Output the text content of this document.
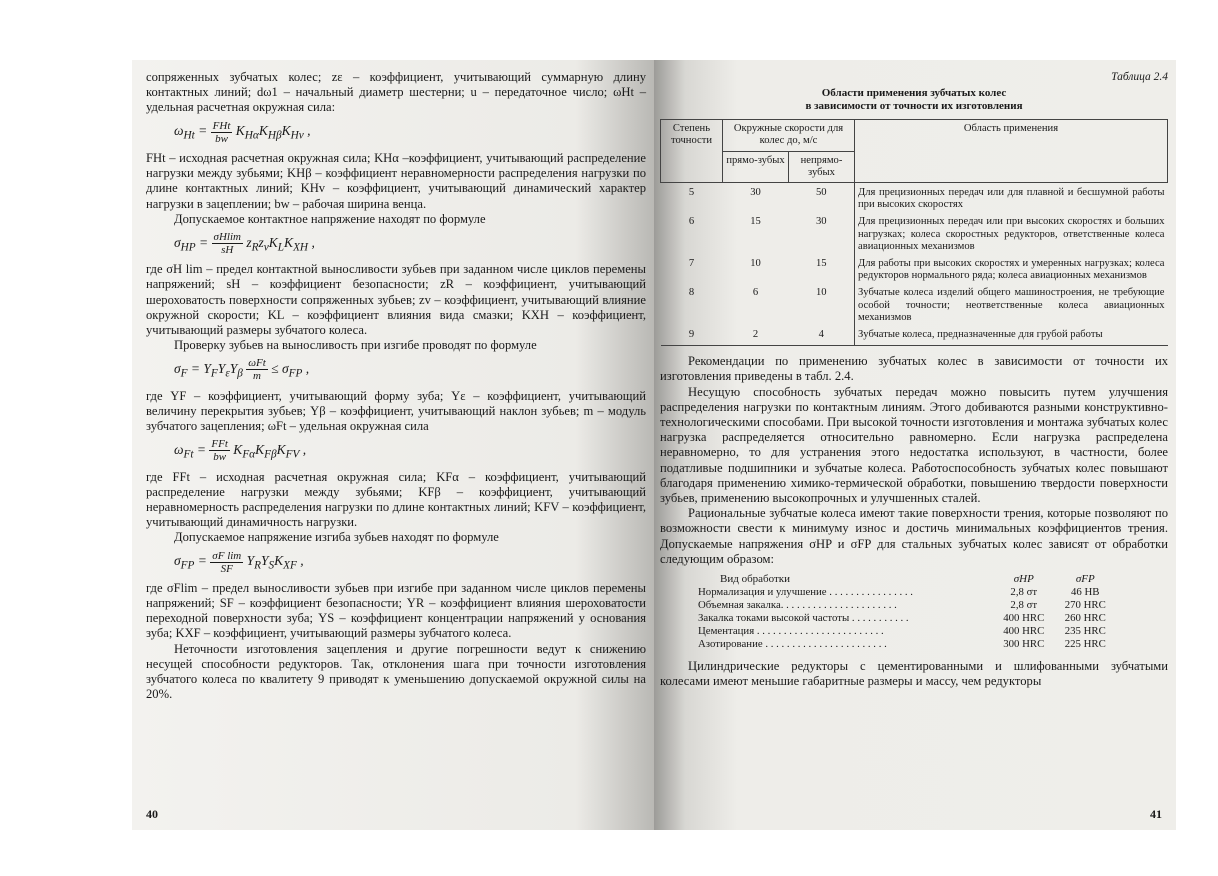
сопряженных зубчатых колес; zε – коэффициент, учитывающий суммарную длину контактных линий; dω1 – начальный диаметр шестерни; u – передаточное число; ωHt – удельная расчетная окружная сила:

$\omega_{Ht} = \frac{\text{FHt}}{bw} K_{H\alpha}K_{H\beta}K_{Hv}$ ,

FHt – исходная расчетная окружная сила; KHα –коэффициент, учитывающий распределение нагрузки между зубьями; KHβ – коэффициент неравномерности распределения нагрузки по длине контактных линий; KHv – коэффициент, учитывающий динамический характер нагрузки в зацеплении; bw – рабочая ширина венца.

Допускаемое контактное напряжение находят по формуле

$\sigma_{HP} = \frac{\sigma Hlim}{sH} z_Rz_vK_LK_{XH}$ ,

где σH lim – предел контактной выносливости зубьев при заданном числе циклов перемены напряжений; sH – коэффициент безопасности; zR – коэффициент, учитывающий шероховатость поверхности сопряженных зубьев; zv – коэффициент, учитывающий влияние окружной скорости; KL – коэффициент влияния вида смазки; KXH – коэффициент, учитывающий размеры зубчатого колеса.

Проверку зубьев на выносливость при изгибе проводят по формуле

$\sigma_F = Y_FY_\varepsilon Y_\beta \frac{\text{ωFt}}{m} \le \sigma_{FP}$ ,

где YF – коэффициент, учитывающий форму зуба; Yε – коэффициент, учитывающий величину перекрытия зубьев; Yβ – коэффициент, учитывающий наклон зубьев; m – модуль зубчатого зацепления; ωFt – удельная окружная сила

$\omega_{Ft} = \frac{\text{FFt}}{bw} K_{F\alpha}K_{F\beta}K_{FV}$ ,

где FFt – исходная расчетная окружная сила; KFα – коэффициент, учитывающий распределение нагрузки между зубьями; KFβ – коэффициент, учитывающий неравномерность распределения нагрузки по длине контактных линий; KFV – коэффициент, учитывающий динамичность нагрузки.

Допускаемое напряжение изгиба зубьев находят по формуле

$\sigma_{FP} = \frac{\text{σF lim}}{SF} Y_RY_SK_{XF}$ ,

где σFlim – предел выносливости зубьев при изгибе при заданном числе циклов перемены напряжений; SF – коэффициент безопасности; YR – коэффициент влияния шероховатости переходной поверхности зуба; YS – коэффициент концентрации напряжений у основания зуба; KXF – коэффициент, учитывающий размеры зубчатого колеса.

Неточности изготовления зацепления и другие погрешности ведут к снижению несущей способности редукторов. Так, отклонения шага при точности изготовления зубчатого колеса по квалитету 9 приводят к уменьшению допускаемой окружной силы на 20%.

40
Таблица 2.4
Области применения зубчатых колес
в зависимости от точности их изготовления
Степень точности	Окружные скорости для колес до, м/с		Область применения
	прямо-зубых	непрямо-зубых	
5	30	50	Для прецизионных передач или для плавной и бесшумной работы при высоких скоростях
6	15	30	Для прецизионных передач или при высоких скоростях и больших нагрузках; колеса скоростных редукторов, ответственные колеса авиационных механизмов
7	10	15	Для работы при высоких скоростях и умеренных нагрузках; колеса редукторов нормального ряда; колеса авиационных механизмов
8	6	10	Зубчатые колеса изделий общего машиностроения, не требующие особой точности; неответственные колеса авиационных механизмов
9	2	4	Зубчатые колеса, предназначенные для грубой работы

Рекомендации по применению зубчатых колес в зависимости от точности их изготовления приведены в табл. 2.4.

Несущую способность зубчатых передач можно повысить путем улучшения распределения нагрузки по контактным линиям. Этого добиваются разными конструктивно-технологическими способами. При высокой точности изготовления и монтажа зубчатых колес нагрузка распределяется относительно равномерно. Если нагрузка распределена неравномерно, то для устранения этого недостатка используют, в частности, более податливые подшипники и зубчатые колеса. Работоспособность зубчатых колес повышают благодаря применению химико-термической обработки, повышению твердости поверхности зубьев, применению высокопрочных и улучшенных сталей.

Рациональные зубчатые колеса имеют такие поверхности трения, которые позволяют по возможности свести к минимуму износ и достичь минимальных коэффициентов трения. Допускаемые напряжения σHP и σFP для стальных зубчатых колес зависят от обработки следующим образом:

Вид обработки	σHP	σFP
Нормализация и улучшение . . . . . . . . . . . . . . . .	2,8 σт	46 HB
Объемная закалка. . . . . . . . . . . . . . . . . . . . . .	2,8 σт	270 HRC
Закалка токами высокой частоты . . . . . . . . . . .	400 HRC	260 HRC
Цементация . . . . . . . . . . . . . . . . . . . . . . . .	400 HRC	235 HRC
Азотирование . . . . . . . . . . . . . . . . . . . . . . .	300 HRC	225 HRC

Цилиндрические редукторы с цементированными и шлифованными зубчатыми колесами имеют меньшие габаритные размеры и массу, чем редукторы

41
